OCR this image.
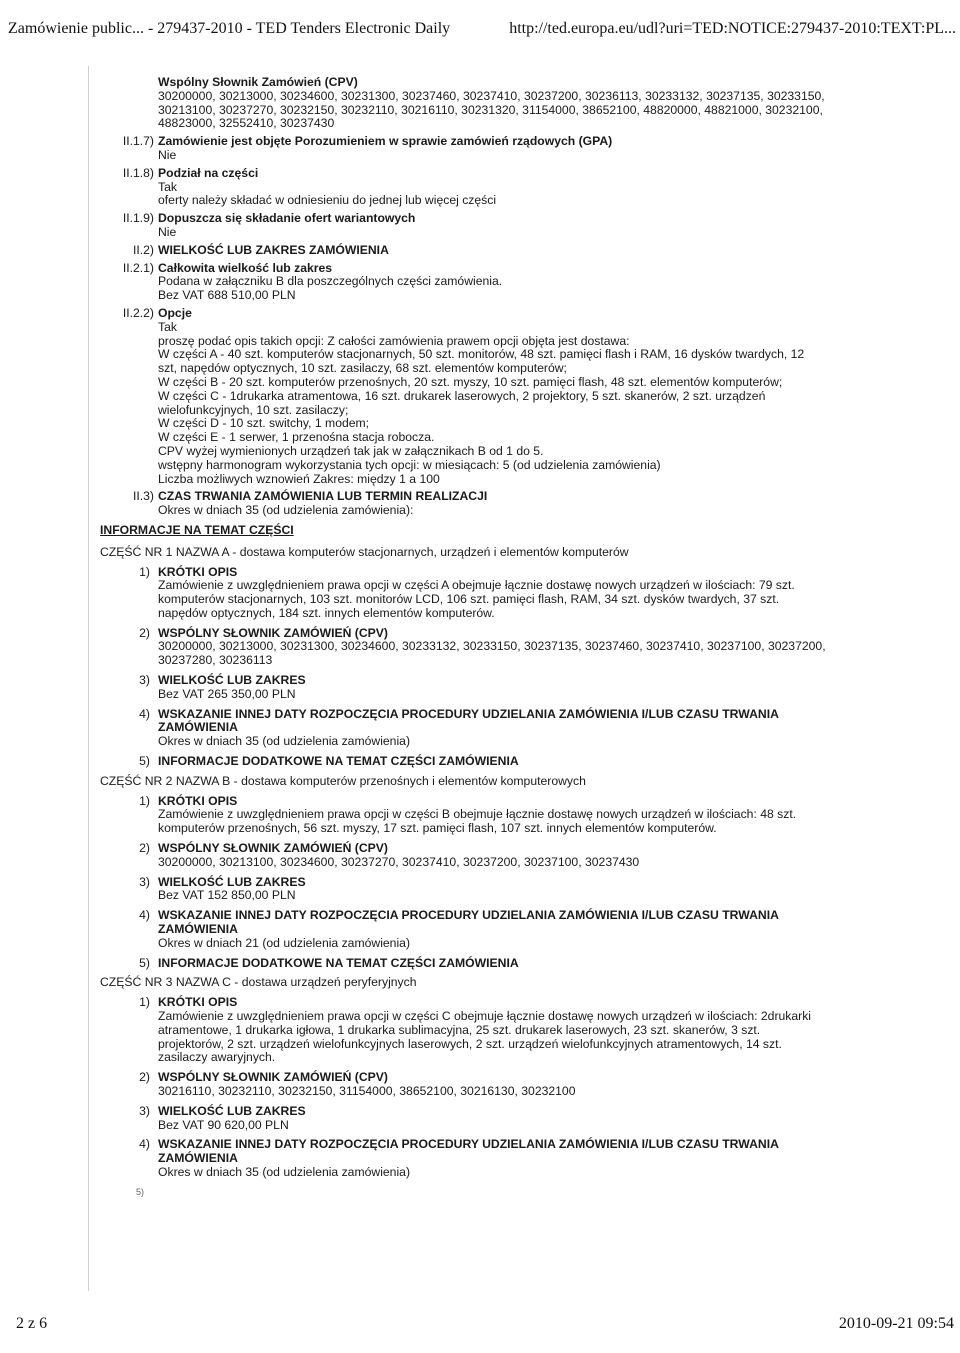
Zamówienie public... - 279437-2010 - TED Tenders Electronic Daily	http://ted.europa.eu/udl?uri=TED:NOTICE:279437-2010:TEXT:PL...
Wspólny Słownik Zamówień (CPV)
30200000, 30213000, 30234600, 30231300, 30237460, 30237410, 30237200, 30236113, 30233132, 30237135, 30233150,
30213100, 30237270, 30232150, 30232110, 30216110, 30231320, 31154000, 38652100, 48820000, 48821000, 30232100,
48823000, 32552410, 30237430
II.1.7) Zamówienie jest objęte Porozumieniem w sprawie zamówień rządowych (GPA)
Nie
II.1.8) Podział na części
Tak
oferty należy składać w odniesieniu do jednej lub więcej części
II.1.9) Dopuszcza się składanie ofert wariantowych
Nie
II.2) WIELKOŚĆ LUB ZAKRES ZAMÓWIENIA
II.2.1) Całkowita wielkość lub zakres
Podana w załączniku B dla poszczególnych części zamówienia.
Bez VAT 688 510,00 PLN
II.2.2) Opcje
Tak
proszę podać opis takich opcji: Z całości zamówienia prawem opcji objęta jest dostawa:
W części A - 40 szt. komputerów stacjonarnych, 50 szt. monitorów, 48 szt. pamięci flash i RAM, 16 dysków twardych, 12
szt, napędów optycznych, 10 szt. zasilaczy, 68 szt. elementów komputerów;
W części B - 20 szt. komputerów przenośnych, 20 szt. myszy, 10 szt. pamięci flash, 48 szt. elementów komputerów;
W części C - 1drukarka atramentowa, 16 szt. drukarek laserowych, 2 projektory, 5 szt. skanerów, 2 szt. urządzeń
wielofunkcyjnych, 10 szt. zasilaczy;
W części D - 10 szt. switchy, 1 modem;
W części E - 1 serwer, 1 przenośna stacja robocza.
CPV wyżej wymienionych urządzeń tak jak w załącznikach B od 1 do 5.
wstępny harmonogram wykorzystania tych opcji: w miesiącach: 5 (od udzielenia zamówienia)
Liczba możliwych wznowień Zakres: między 1 a 100
II.3) CZAS TRWANIA ZAMÓWIENIA LUB TERMIN REALIZACJI
Okres w dniach 35 (od udzielenia zamówienia):
INFORMACJE NA TEMAT CZĘŚCI
CZĘŚĆ NR 1 NAZWA A - dostawa komputerów stacjonarnych, urządzeń i elementów komputerów
1) KRÓTKI OPIS
Zamówienie z uwzględnieniem prawa opcji w części A obejmuje łącznie dostawę nowych urządzeń w ilościach: 79 szt.
komputerów stacjonarnych, 103 szt. monitorów LCD, 106 szt. pamięci flash, RAM, 34 szt. dysków twardych, 37 szt.
napędów optycznych, 184 szt. innych elementów komputerów.
2) WSPÓLNY SŁOWNIK ZAMÓWIEŃ (CPV)
30200000, 30213000, 30231300, 30234600, 30233132, 30233150, 30237135, 30237460, 30237410, 30237100, 30237200,
30237280, 30236113
3) WIELKOŚĆ LUB ZAKRES
Bez VAT 265 350,00 PLN
4) WSKAZANIE INNEJ DATY ROZPOCZĘCIA PROCEDURY UDZIELANIA ZAMÓWIENIA I/LUB CZASU TRWANIA
ZAMÓWIENIA
Okres w dniach 35 (od udzielenia zamówienia)
5) INFORMACJE DODATKOWE NA TEMAT CZĘŚCI ZAMÓWIENIA
CZĘŚĆ NR 2 NAZWA B - dostawa komputerów przenośnych i elementów komputerowych
1) KRÓTKI OPIS
Zamówienie z uwzględnieniem prawa opcji w części B obejmuje łącznie dostawę nowych urządzeń w ilościach: 48 szt.
komputerów przenośnych, 56 szt. myszy, 17 szt. pamięci flash, 107 szt. innych elementów komputerów.
2) WSPÓLNY SŁOWNIK ZAMÓWIEŃ (CPV)
30200000, 30213100, 30234600, 30237270, 30237410, 30237200, 30237100, 30237430
3) WIELKOŚĆ LUB ZAKRES
Bez VAT 152 850,00 PLN
4) WSKAZANIE INNEJ DATY ROZPOCZĘCIA PROCEDURY UDZIELANIA ZAMÓWIENIA I/LUB CZASU TRWANIA
ZAMÓWIENIA
Okres w dniach 21 (od udzielenia zamówienia)
5) INFORMACJE DODATKOWE NA TEMAT CZĘŚCI ZAMÓWIENIA
CZĘŚĆ NR 3 NAZWA C - dostawa urządzeń peryferyjnych
1) KRÓTKI OPIS
Zamówienie z uwzględnieniem prawa opcji w części C obejmuje łącznie dostawę nowych urządzeń w ilościach: 2drukarki
atramentowe, 1 drukarka igłowa, 1 drukarka sublimacyjna, 25 szt. drukarek laserowych, 23 szt. skanerów, 3 szt.
projektorów, 2 szt. urządzeń wielofunkcyjnych laserowych, 2 szt. urządzeń wielofunkcyjnych atramentowych, 14 szt.
zasilaczy awaryjnych.
2) WSPÓLNY SŁOWNIK ZAMÓWIEŃ (CPV)
30216110, 30232110, 30232150, 31154000, 38652100, 30216130, 30232100
3) WIELKOŚĆ LUB ZAKRES
Bez VAT 90 620,00 PLN
4) WSKAZANIE INNEJ DATY ROZPOCZĘCIA PROCEDURY UDZIELANIA ZAMÓWIENIA I/LUB CZASU TRWANIA
ZAMÓWIENIA
Okres w dniach 35 (od udzielenia zamówienia)
5)
2 z 6	2010-09-21 09:54
